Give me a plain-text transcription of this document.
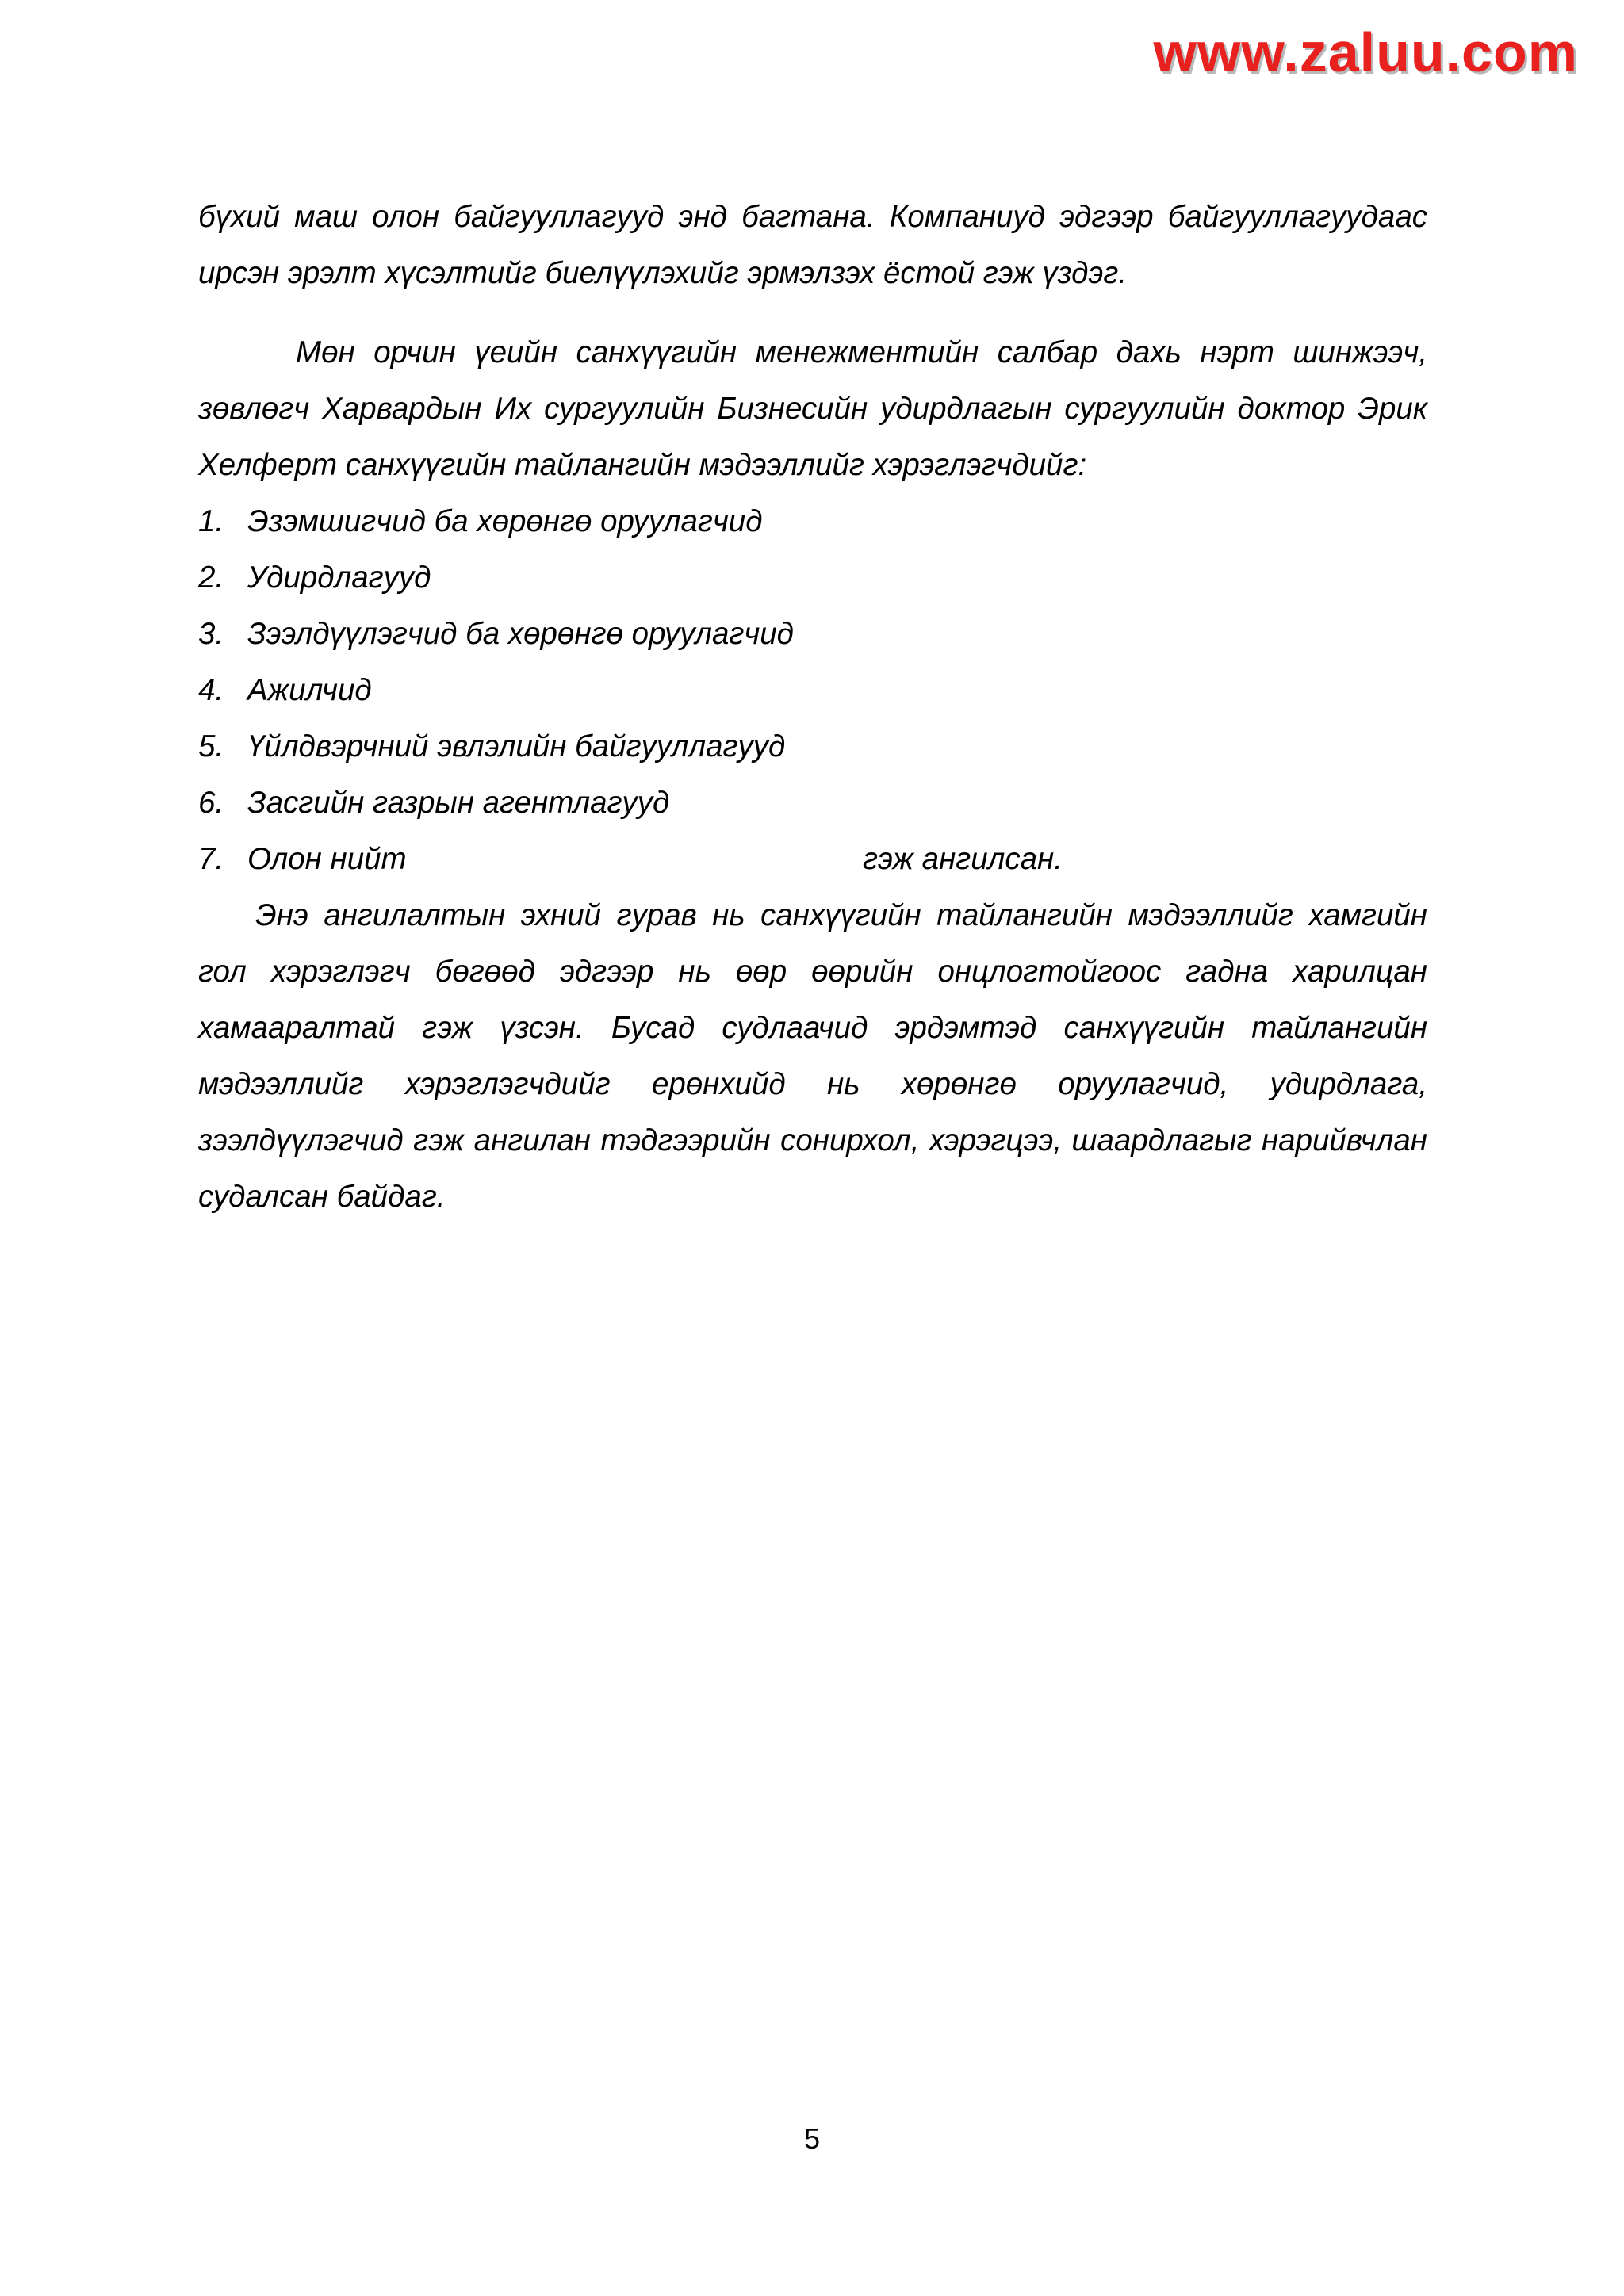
www.zaluu.com

бүхий маш олон байгууллагууд энд багтана. Компаниуд эдгээр байгууллагуудаас ирсэн эрэлт хүсэлтийг биелүүлэхийг эрмэлзэх ёстой гэж үздэг.

Мөн орчин үеийн санхүүгийн менежментийн салбар дахь нэрт шинжээч, зөвлөгч Харвардын Их сургуулийн Бизнесийн удирдлагын сургуулийн доктор Эрик Хелферт санхүүгийн тайлангийн мэдээллийг хэрэглэгчдийг:

1. Эзэмшигчид ба хөрөнгө оруулагчид
2. Удирдлагууд
3. Зээлдүүлэгчид ба хөрөнгө оруулагчид
4. Ажилчид
5. Үйлдвэрчний эвлэлийн байгууллагууд
6. Засгийн газрын агентлагууд
7. Олон нийт	гэж ангилсан.

Энэ ангилалтын эхний гурав нь санхүүгийн тайлангийн мэдээллийг хамгийн гол хэрэглэгч бөгөөд эдгээр нь өөр өөрийн онцлогтойгоос гадна харилцан хамааралтай гэж үзсэн. Бусад судлаачид эрдэмтэд санхүүгийн тайлангийн мэдээллийг хэрэглэгчдийг ерөнхийд нь хөрөнгө оруулагчид, удирдлага, зээлдүүлэгчид гэж ангилан тэдгээрийн сонирхол, хэрэгцээ, шаардлагыг нарийвчлан судалсан байдаг.

5
